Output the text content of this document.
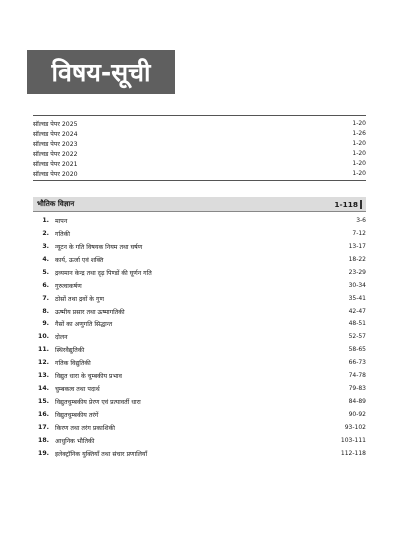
विषय-सूची
सॉल्वड पेपर 2025	1-20
सॉल्वड पेपर 2024	1-26
सॉल्वड पेपर 2023	1-20
सॉल्वड पेपर 2022	1-20
सॉल्वड पेपर 2021	1-20
सॉल्वड पेपर 2020	1-20
भौतिक विज्ञान	1-118
1. मापन	3-6
2. गतिकी	7-12
3. न्यूटन के गति विषयक नियम तथा घर्षण	13-17
4. कार्य, ऊर्जा एवं शक्ति	18-22
5. द्रव्यमान केन्द्र तथा दृढ़ पिण्डों की घूर्णन गति	23-29
6. गुरुत्वाकर्षण	30-34
7. ठोसों तथा द्रवों के गुण	35-41
8. ऊष्मीय प्रसार तथा ऊष्मागतिकी	42-47
9. गैसों का अणुगति सिद्धान्त	48-51
10. दोलन	52-57
11. स्थिरवैद्युतिकी	58-65
12. गतिक विद्युतिकी	66-73
13. विद्युत धारा के चुम्बकीय प्रभाव	74-78
14. चुम्बकत्व तथा पदार्थ	79-83
15. विद्युतचुम्बकीय प्रेरण एवं प्रत्यावर्ती धारा	84-89
16. विद्युतचुम्बकीय तरंगें	90-92
17. किरण तथा तरंग प्रकाशिकी	93-102
18. आधुनिक भौतिकी	103-111
19. इलेक्ट्रॉनिक युक्तियाँ तथा संचार प्रणालियाँ	112-118
